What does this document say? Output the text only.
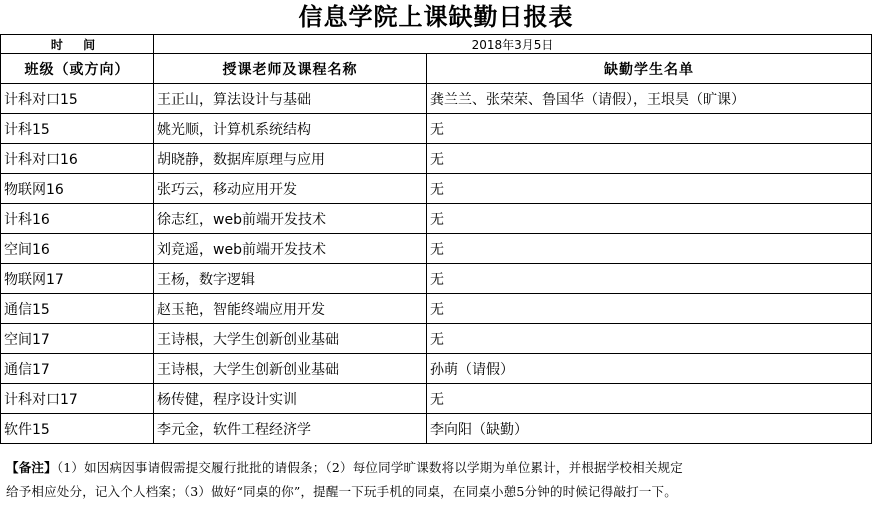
信息学院上课缺勤日报表
时 间	2018年3月5日	
班级（或方向）	授课老师及课程名称	缺勤学生名单
计科对口15	王正山，算法设计与基础	龚兰兰、张荣荣、鲁国华（请假），王垠昊（旷课）
计科15	姚光顺，计算机系统结构	无
计科对口16	胡晓静，数据库原理与应用	无
物联网16	张巧云，移动应用开发	无
计科16	徐志红，web前端开发技术	无
空间16	刘竞遥，web前端开发技术	无
物联网17	王杨，数字逻辑	无
通信15	赵玉艳，智能终端应用开发	无
空间17	王诗根，大学生创新创业基础	无
通信17	王诗根，大学生创新创业基础	孙萌（请假）
计科对口17	杨传健，程序设计实训	无
软件15	李元金，软件工程经济学	李向阳（缺勤）
【备注】（1）如因病因事请假需提交履行批批的请假条；（2）每位同学旷课数将以学期为单位累计，并根据学校相关规定
给予相应处分，记入个人档案；（3）做好“同桌的你”，提醒一下玩手机的同桌，在同桌小憩5分钟的时候记得敲打一下。
